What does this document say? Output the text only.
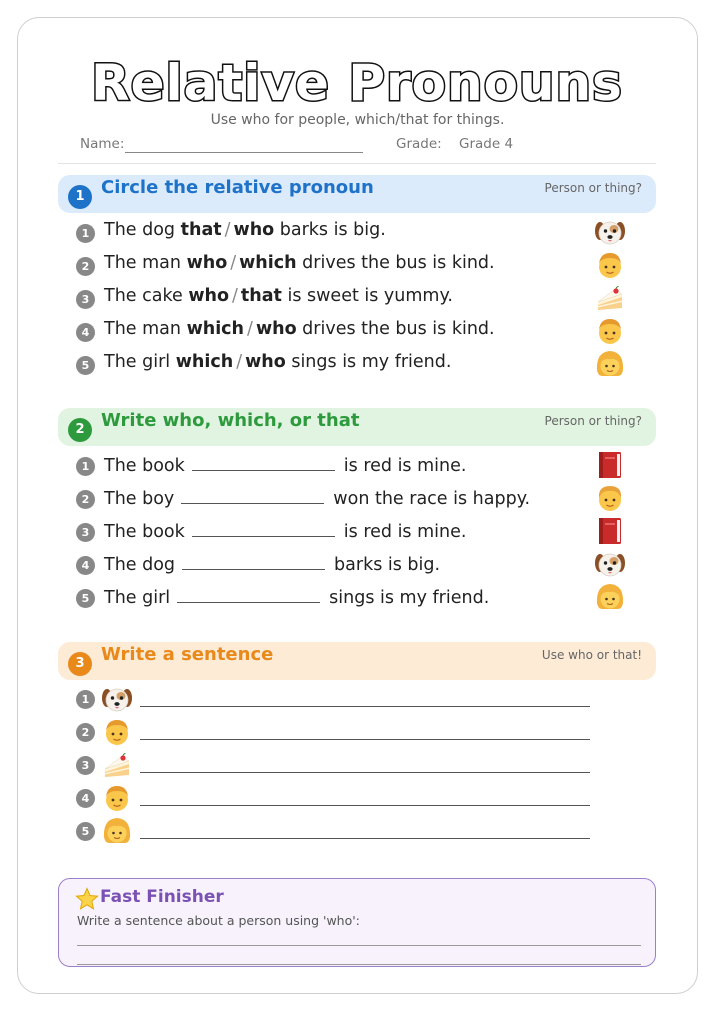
Relative Pronouns
Use who for people, which/that for things.
Name:	Grade: Grade 4
1 Circle the relative pronoun	Person or thing?
1 The dog that / who barks is big.
2 The man who / which drives the bus is kind.
3 The cake who / that is sweet is yummy.
4 The man which / who drives the bus is kind.
5 The girl which / who sings is my friend.
2 Write who, which, or that	Person or thing?
1 The book	is red is mine.
2 The boy	won the race is happy.
3 The book	is red is mine.
4 The dog	barks is big.
5 The girl	sings is my friend.
3 Write a sentence	Use who or that!
1
2
3
4
5
Fast Finisher
Write a sentence about a person using 'who':
